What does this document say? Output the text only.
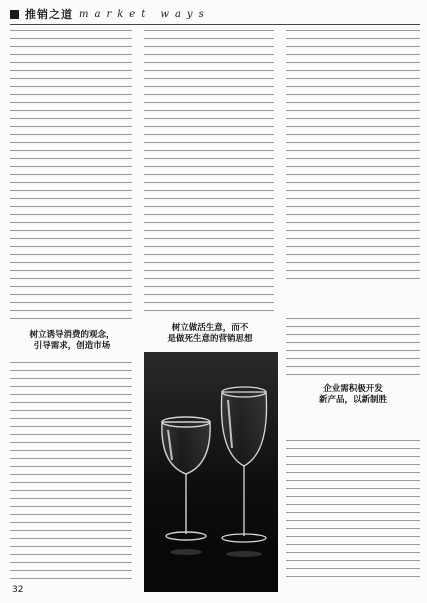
推销之道 market ways
树立诱导消费的观念，
引导需求，创造市场
树立做活生意，而不
是做死生意的营销思想
企业需积极开发
新产品，以新制胜
32
